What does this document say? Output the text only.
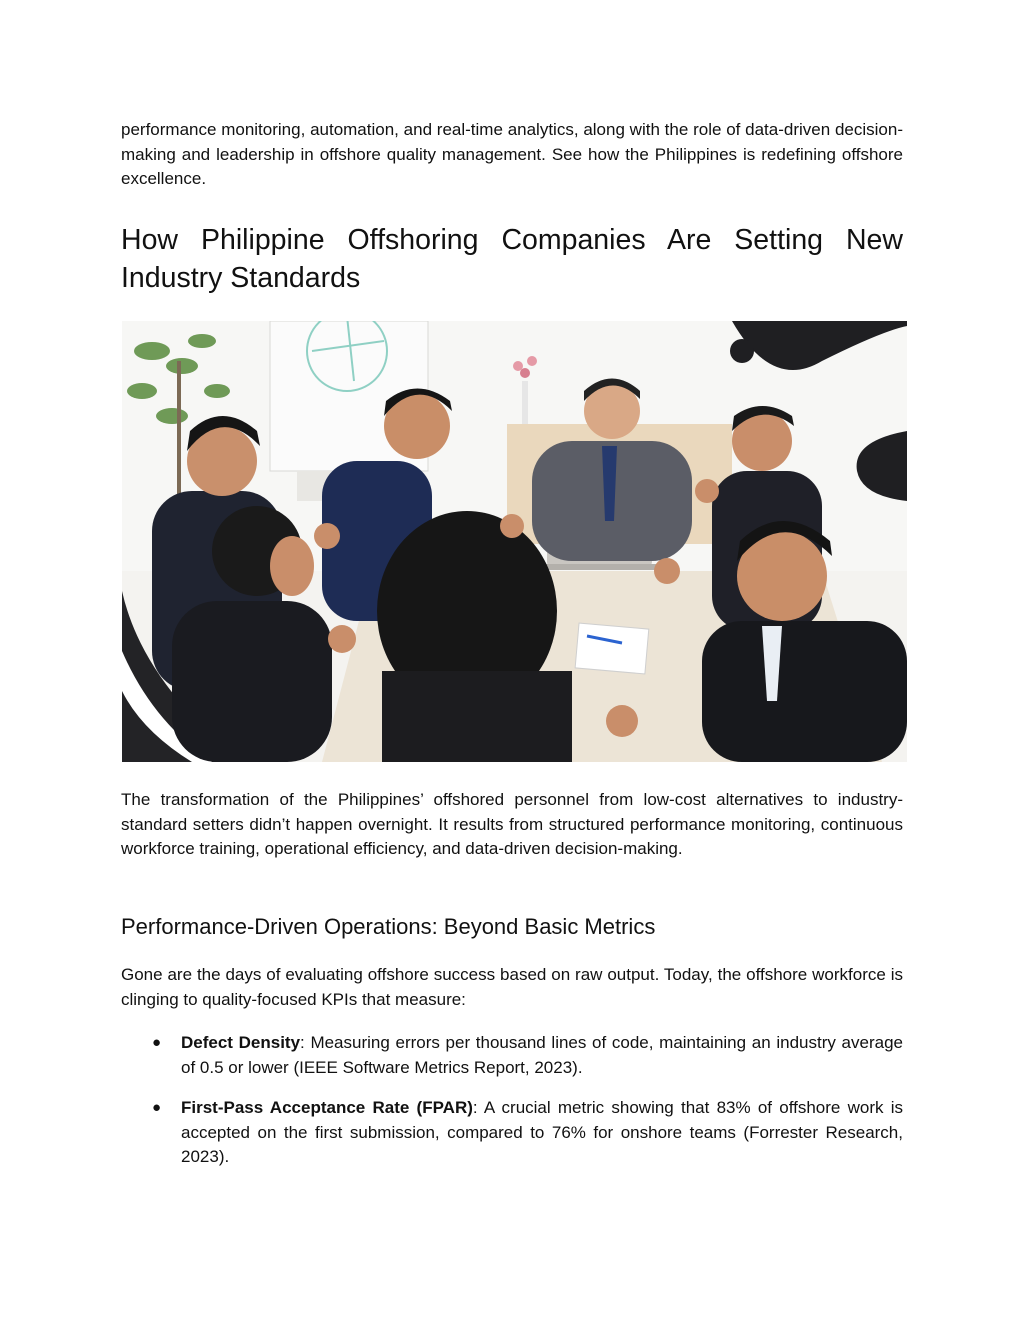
performance monitoring, automation, and real-time analytics, along with the role of data-driven decision-making and leadership in offshore quality management. See how the Philippines is redefining offshore excellence.

How Philippine Offshoring Companies Are Setting New
Industry Standards

The transformation of the Philippines’ offshored personnel from low-cost alternatives to industry-standard setters didn’t happen overnight. It results from structured performance monitoring, continuous workforce training, operational efficiency, and data-driven decision-making.

Performance-Driven Operations: Beyond Basic Metrics

Gone are the days of evaluating offshore success based on raw output. Today, the offshore workforce is clinging to quality-focused KPIs that measure:

● Defect Density: Measuring errors per thousand lines of code, maintaining an industry average of 0.5 or lower (IEEE Software Metrics Report, 2023).
● First-Pass Acceptance Rate (FPAR): A crucial metric showing that 83% of offshore work is accepted on the first submission, compared to 76% for onshore teams (Forrester Research, 2023).
